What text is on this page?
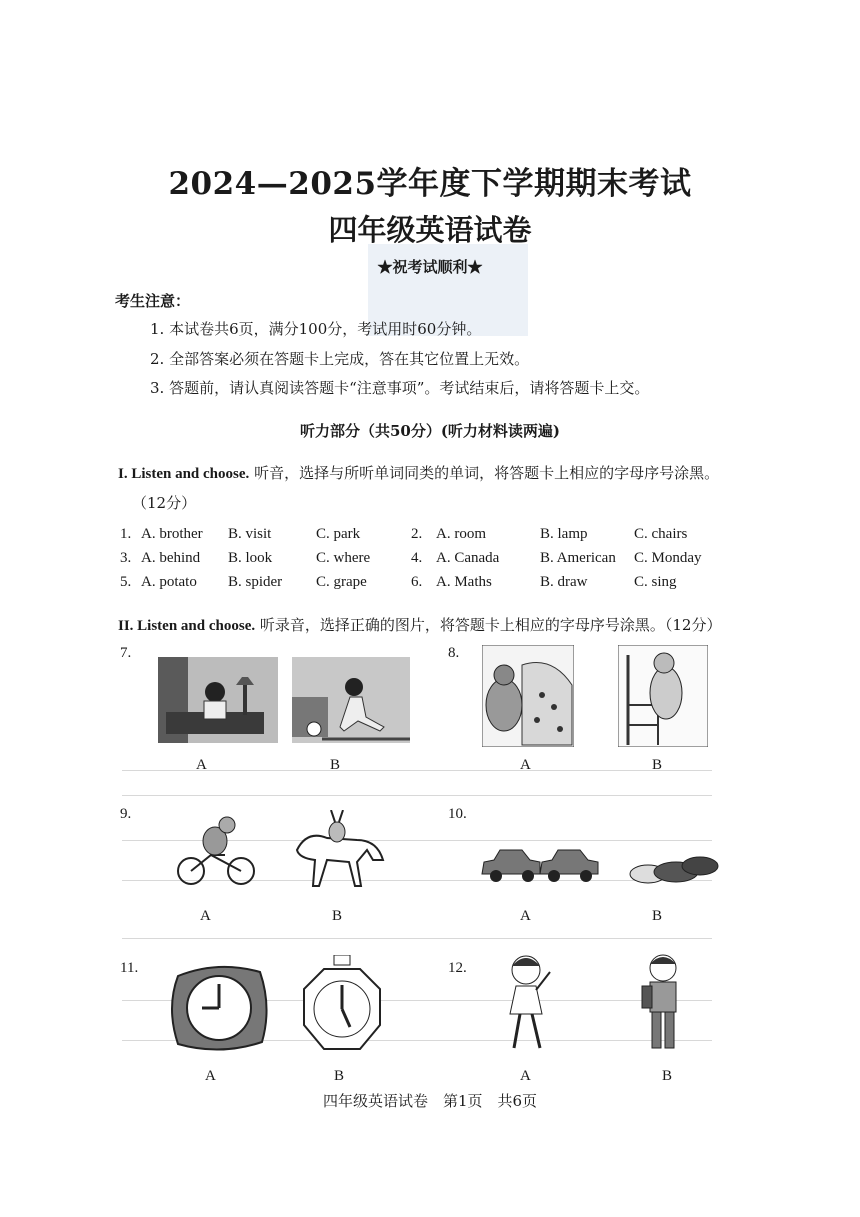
2024—2025学年度下学期期末考试
四年级英语试卷
★祝考试顺利★
考生注意：
1. 本试卷共6页，满分100分，考试用时60分钟。
2. 全部答案必须在答题卡上完成，答在其它位置上无效。
3. 答题前，请认真阅读答题卡“注意事项”。考试结束后，请将答题卡上交。
听力部分（共50分）(听力材料读两遍)
I. Listen and choose. 听音，选择与所听单词同类的单词，将答题卡上相应的字母序号涂黑。
（12分）
1. A. brother B. visit	C. park	2. A. room	B. lamp	C. chairs
3. A. behind B. look	C. where	4. A. Canada	B. American C. Monday
5. A. potato B. spider C. grape	6. A. Maths	B. draw	C. sing
II. Listen and choose. 听录音，选择正确的图片，将答题卡上相应的字母序号涂黑。（12分）
7.
A	B
8.
A	B
9.
A	B
10.
A	B
11.
A	B
12.
A	B
四年级英语试卷　第1页　共6页
